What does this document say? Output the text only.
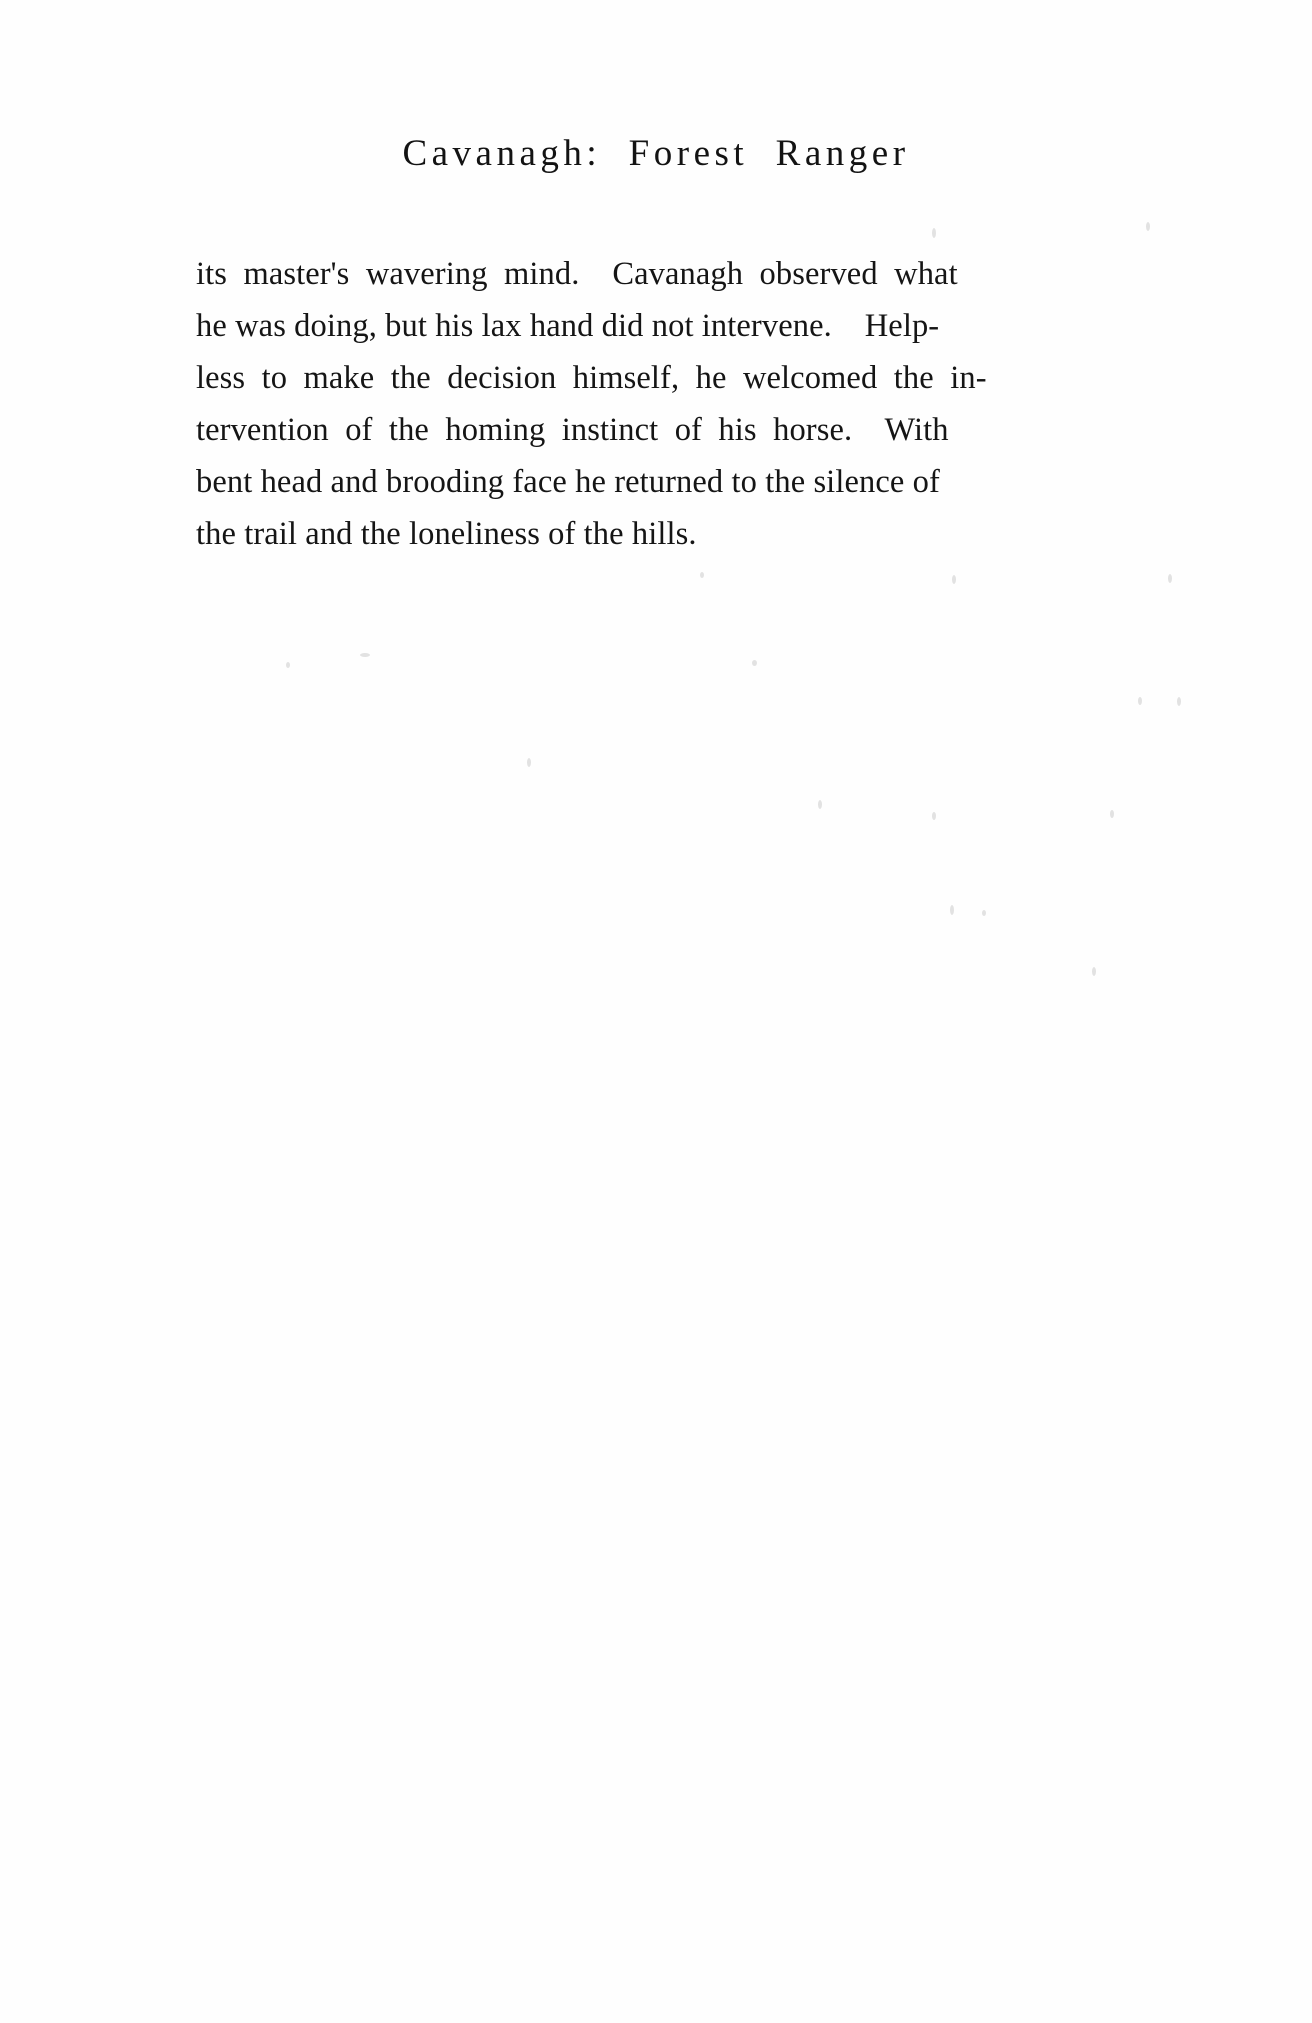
Cavanagh:  Forest  Ranger
its  master's  wavering  mind.    Cavanagh  observed  what
he was doing, but his lax hand did not intervene.    Help-
less  to  make  the  decision  himself,  he  welcomed  the  in-
tervention  of  the  homing  instinct  of  his  horse.    With
bent head and brooding face he returned to the silence of
the trail and the loneliness of the hills.
